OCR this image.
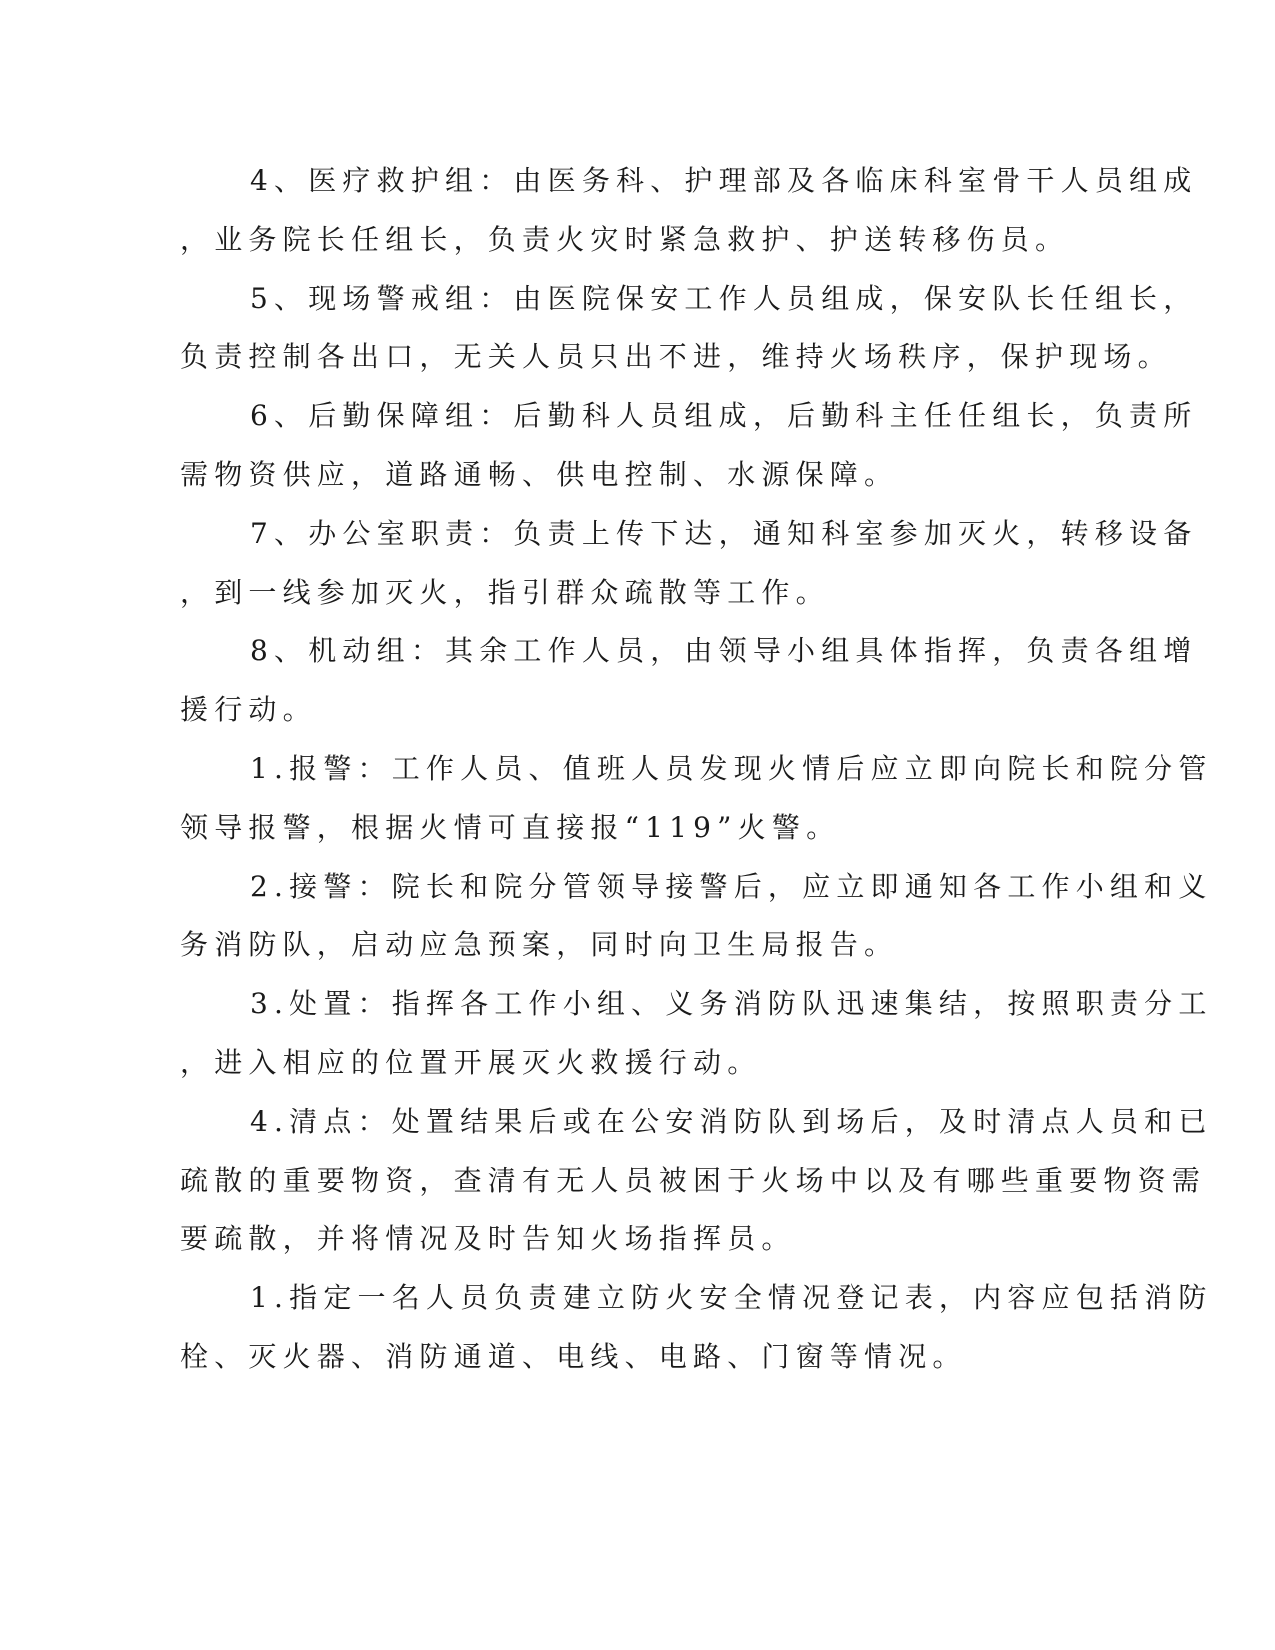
4、医疗救护组：由医务科、护理部及各临床科室骨干人员组成
，业务院长任组长，负责火灾时紧急救护、护送转移伤员。
5、现场警戒组：由医院保安工作人员组成，保安队长任组长，
负责控制各出口，无关人员只出不进，维持火场秩序，保护现场。
6、后勤保障组：后勤科人员组成，后勤科主任任组长，负责所
需物资供应，道路通畅、供电控制、水源保障。
7、办公室职责：负责上传下达，通知科室参加灭火，转移设备
，到一线参加灭火，指引群众疏散等工作。
8、机动组：其余工作人员，由领导小组具体指挥，负责各组增
援行动。
1.报警：工作人员、值班人员发现火情后应立即向院长和院分管
领导报警，根据火情可直接报“119”火警。
2.接警：院长和院分管领导接警后，应立即通知各工作小组和义
务消防队，启动应急预案，同时向卫生局报告。
3.处置：指挥各工作小组、义务消防队迅速集结，按照职责分工
，进入相应的位置开展灭火救援行动。
4.清点：处置结果后或在公安消防队到场后，及时清点人员和已
疏散的重要物资，查清有无人员被困于火场中以及有哪些重要物资需
要疏散，并将情况及时告知火场指挥员。
1.指定一名人员负责建立防火安全情况登记表，内容应包括消防
栓、灭火器、消防通道、电线、电路、门窗等情况。
